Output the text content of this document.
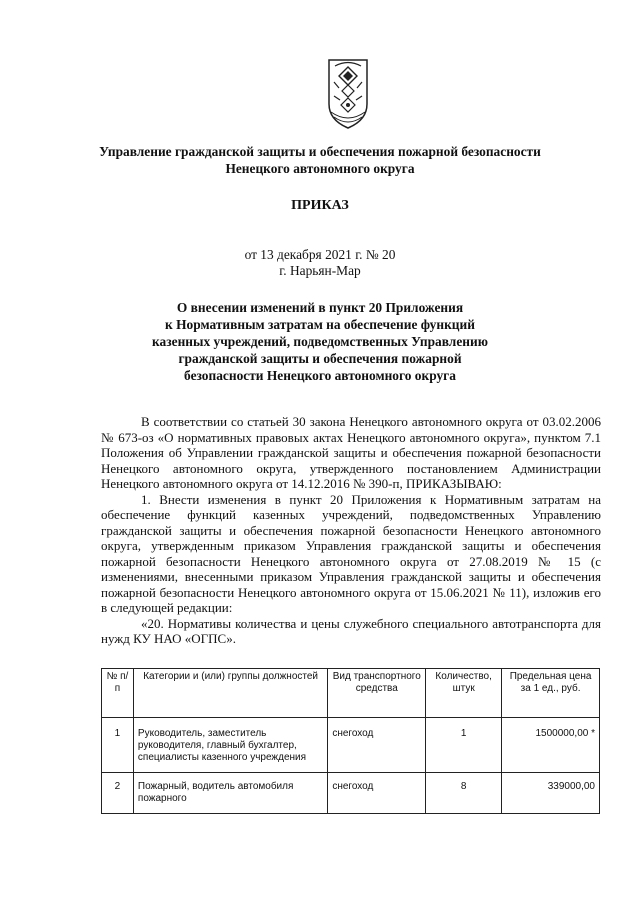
Управление гражданской защиты и обеспечения пожарной безопасности
Ненецкого автономного округа
ПРИКАЗ
от 13 декабря 2021 г. № 20
г. Нарьян-Мар
О внесении изменений в пункт 20 Приложения
к Нормативным затратам на обеспечение функций
казенных учреждений, подведомственных Управлению
гражданской защиты и обеспечения пожарной
безопасности Ненецкого автономного округа

В соответствии со статьей 30 закона Ненецкого автономного округа от 03.02.2006 № 673-оз «О нормативных правовых актах Ненецкого автономного округа», пунктом 7.1 Положения об Управлении гражданской защиты и обеспечения пожарной безопасности Ненецкого автономного округа, утвержденного постановлением Администрации Ненецкого автономного округа от 14.12.2016 № 390-п, ПРИКАЗЫВАЮ:

1. Внести изменения в пункт 20 Приложения к Нормативным затратам на обеспечение функций казенных учреждений, подведомственных Управлению гражданской защиты и обеспечения пожарной безопасности Ненецкого автономного округа, утвержденным приказом Управления гражданской защиты и обеспечения пожарной безопасности Ненецкого автономного округа от 27.08.2019 № 15 (с изменениями, внесенными приказом Управления гражданской защиты и обеспечения пожарной безопасности Ненецкого автономного округа от 15.06.2021 № 11), изложив его в следующей редакции:

«20. Нормативы количества и цены служебного специального автотранспорта для нужд КУ НАО «ОГПС».

№ п/п	Категории и (или) группы должностей	Вид транспортного средства	Количество, штук	Предельная цена за 1 ед., руб.
1	Руководитель, заместитель руководителя, главный бухгалтер, специалисты казенного учреждения	снегоход	1	1500000,00 *
2	Пожарный, водитель автомобиля пожарного	снегоход	8	339000,00
